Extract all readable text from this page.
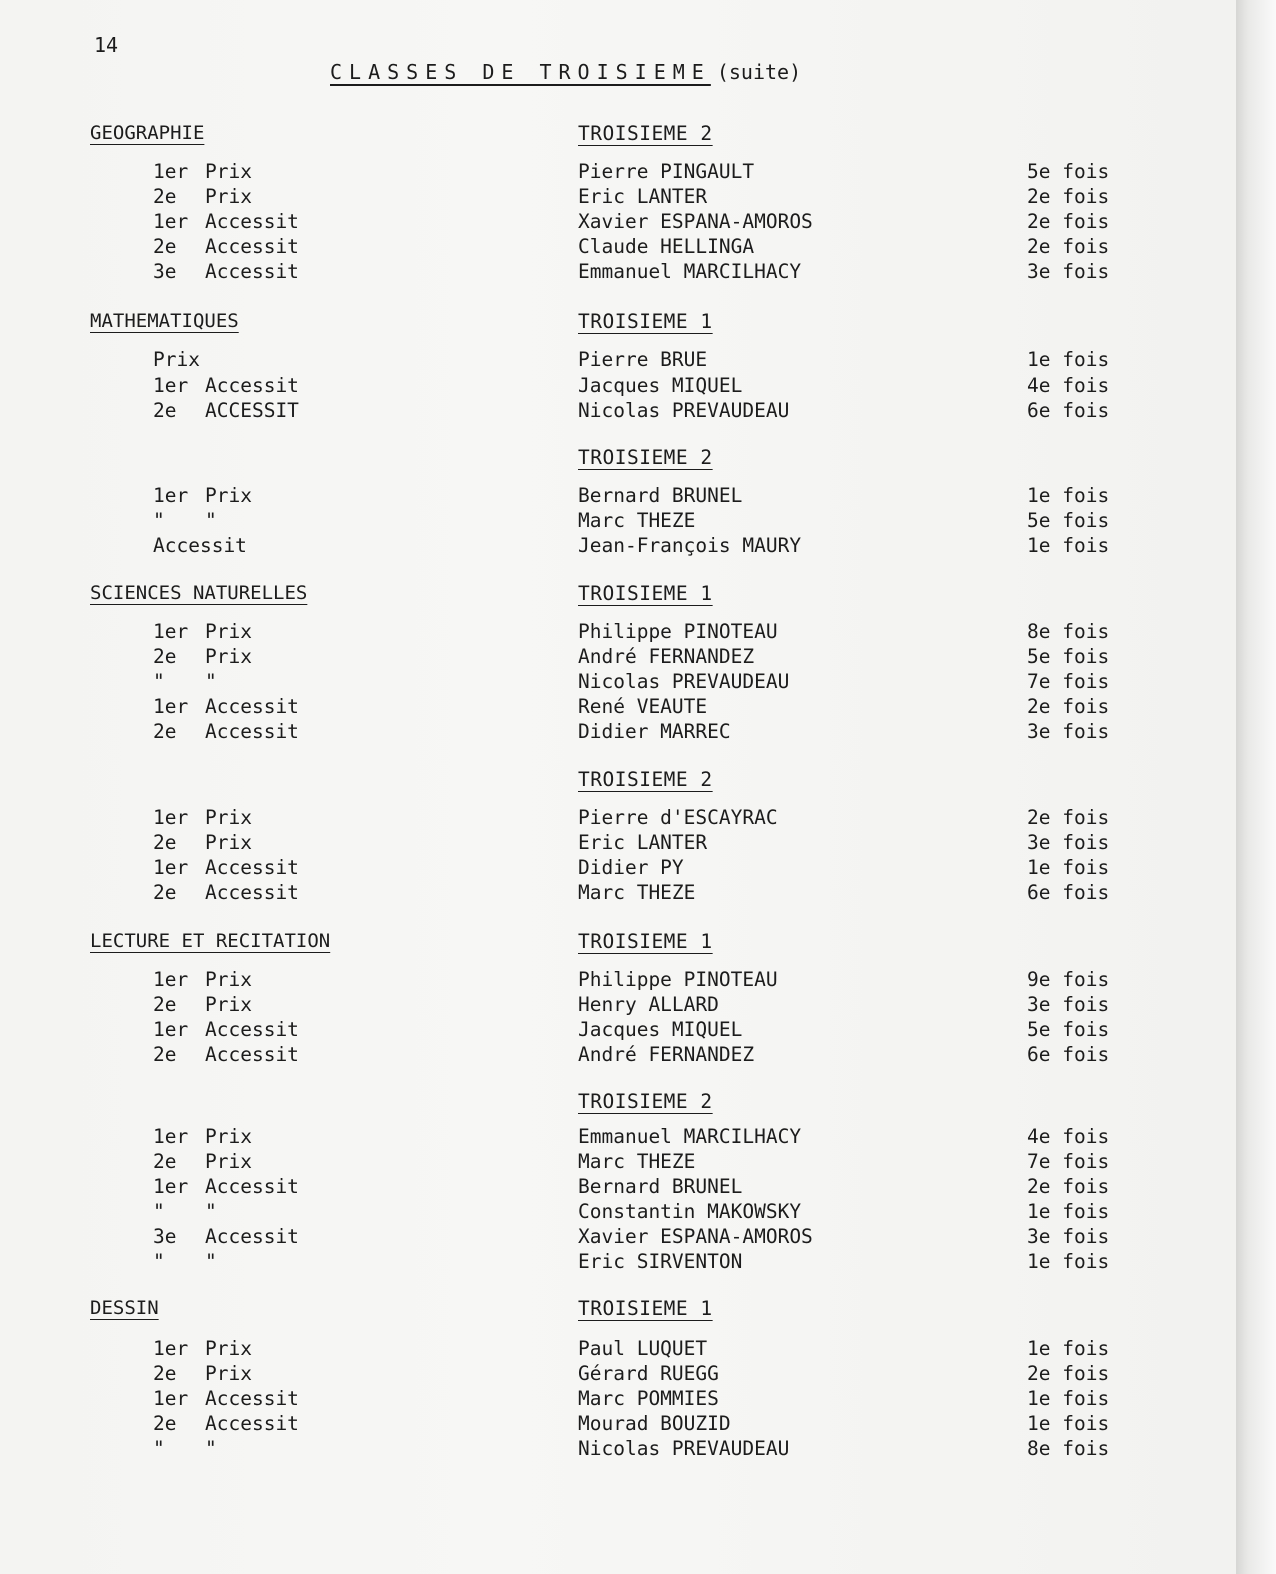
14
CLASSES DE TROISIEME (suite)
GEOGRAPHIE	TROISIEME 2
1er Prix	Pierre PINGAULT	5e fois
2e Prix	Eric LANTER	2e fois
1er Accessit	Xavier ESPANA-AMOROS	2e fois
2e Accessit	Claude HELLINGA	2e fois
3e Accessit	Emmanuel MARCILHACY	3e fois
MATHEMATIQUES	TROISIEME 1
Prix	Pierre BRUE	1e fois
1er Accessit	Jacques MIQUEL	4e fois
2e ACCESSIT	Nicolas PREVAUDEAU	6e fois
TROISIEME 2
1er Prix	Bernard BRUNEL	1e fois
" "	Marc THEZE	5e fois
Accessit	Jean-François MAURY	1e fois
SCIENCES NATURELLES	TROISIEME 1
1er Prix	Philippe PINOTEAU	8e fois
2e Prix	André FERNANDEZ	5e fois
" "	Nicolas PREVAUDEAU	7e fois
1er Accessit	René VEAUTE	2e fois
2e Accessit	Didier MARREC	3e fois
TROISIEME 2
1er Prix	Pierre d'ESCAYRAC	2e fois
2e Prix	Eric LANTER	3e fois
1er Accessit	Didier PY	1e fois
2e Accessit	Marc THEZE	6e fois
LECTURE ET RECITATION	TROISIEME 1
1er Prix	Philippe PINOTEAU	9e fois
2e Prix	Henry ALLARD	3e fois
1er Accessit	Jacques MIQUEL	5e fois
2e Accessit	André FERNANDEZ	6e fois
TROISIEME 2
1er Prix	Emmanuel MARCILHACY	4e fois
2e Prix	Marc THEZE	7e fois
1er Accessit	Bernard BRUNEL	2e fois
" "	Constantin MAKOWSKY	1e fois
3e Accessit	Xavier ESPANA-AMOROS	3e fois
" "	Eric SIRVENTON	1e fois
DESSIN	TROISIEME 1
1er Prix	Paul LUQUET	1e fois
2e Prix	Gérard RUEGG	2e fois
1er Accessit	Marc POMMIES	1e fois
2e Accessit	Mourad BOUZID	1e fois
" "	Nicolas PREVAUDEAU	8e fois
